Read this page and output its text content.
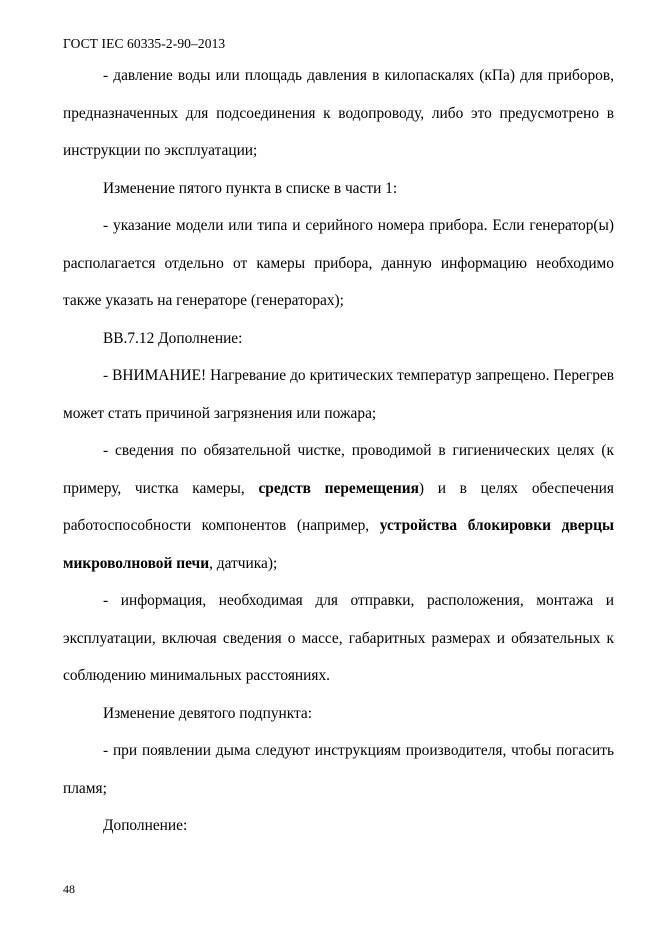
ГОСТ IEC 60335-2-90–2013

- давление воды или площадь давления в килопаскалях (кПа) для приборов, предназначенных для подсоединения к водопроводу, либо это предусмотрено в инструкции по эксплуатации;

Изменение пятого пункта в списке в части 1:

- указание модели или типа и серийного номера прибора. Если генератор(ы) располагается отдельно от камеры прибора, данную информацию необходимо также указать на генераторе (генераторах);

ВВ.7.12 Дополнение:

- ВНИМАНИЕ! Нагревание до критических температур запрещено. Перегрев может стать причиной загрязнения или пожара;

- сведения по обязательной чистке, проводимой в гигиенических целях (к примеру, чистка камеры, средств перемещения) и в целях обеспечения работоспособности компонентов (например, устройства блокировки дверцы микроволновой печи, датчика);

- информация, необходимая для отправки, расположения, монтажа и эксплуатации, включая сведения о массе, габаритных размерах и обязательных к соблюдению минимальных расстояниях.

Изменение девятого подпункта:

- при появлении дыма следуют инструкциям производителя, чтобы погасить пламя;

Дополнение:

48
